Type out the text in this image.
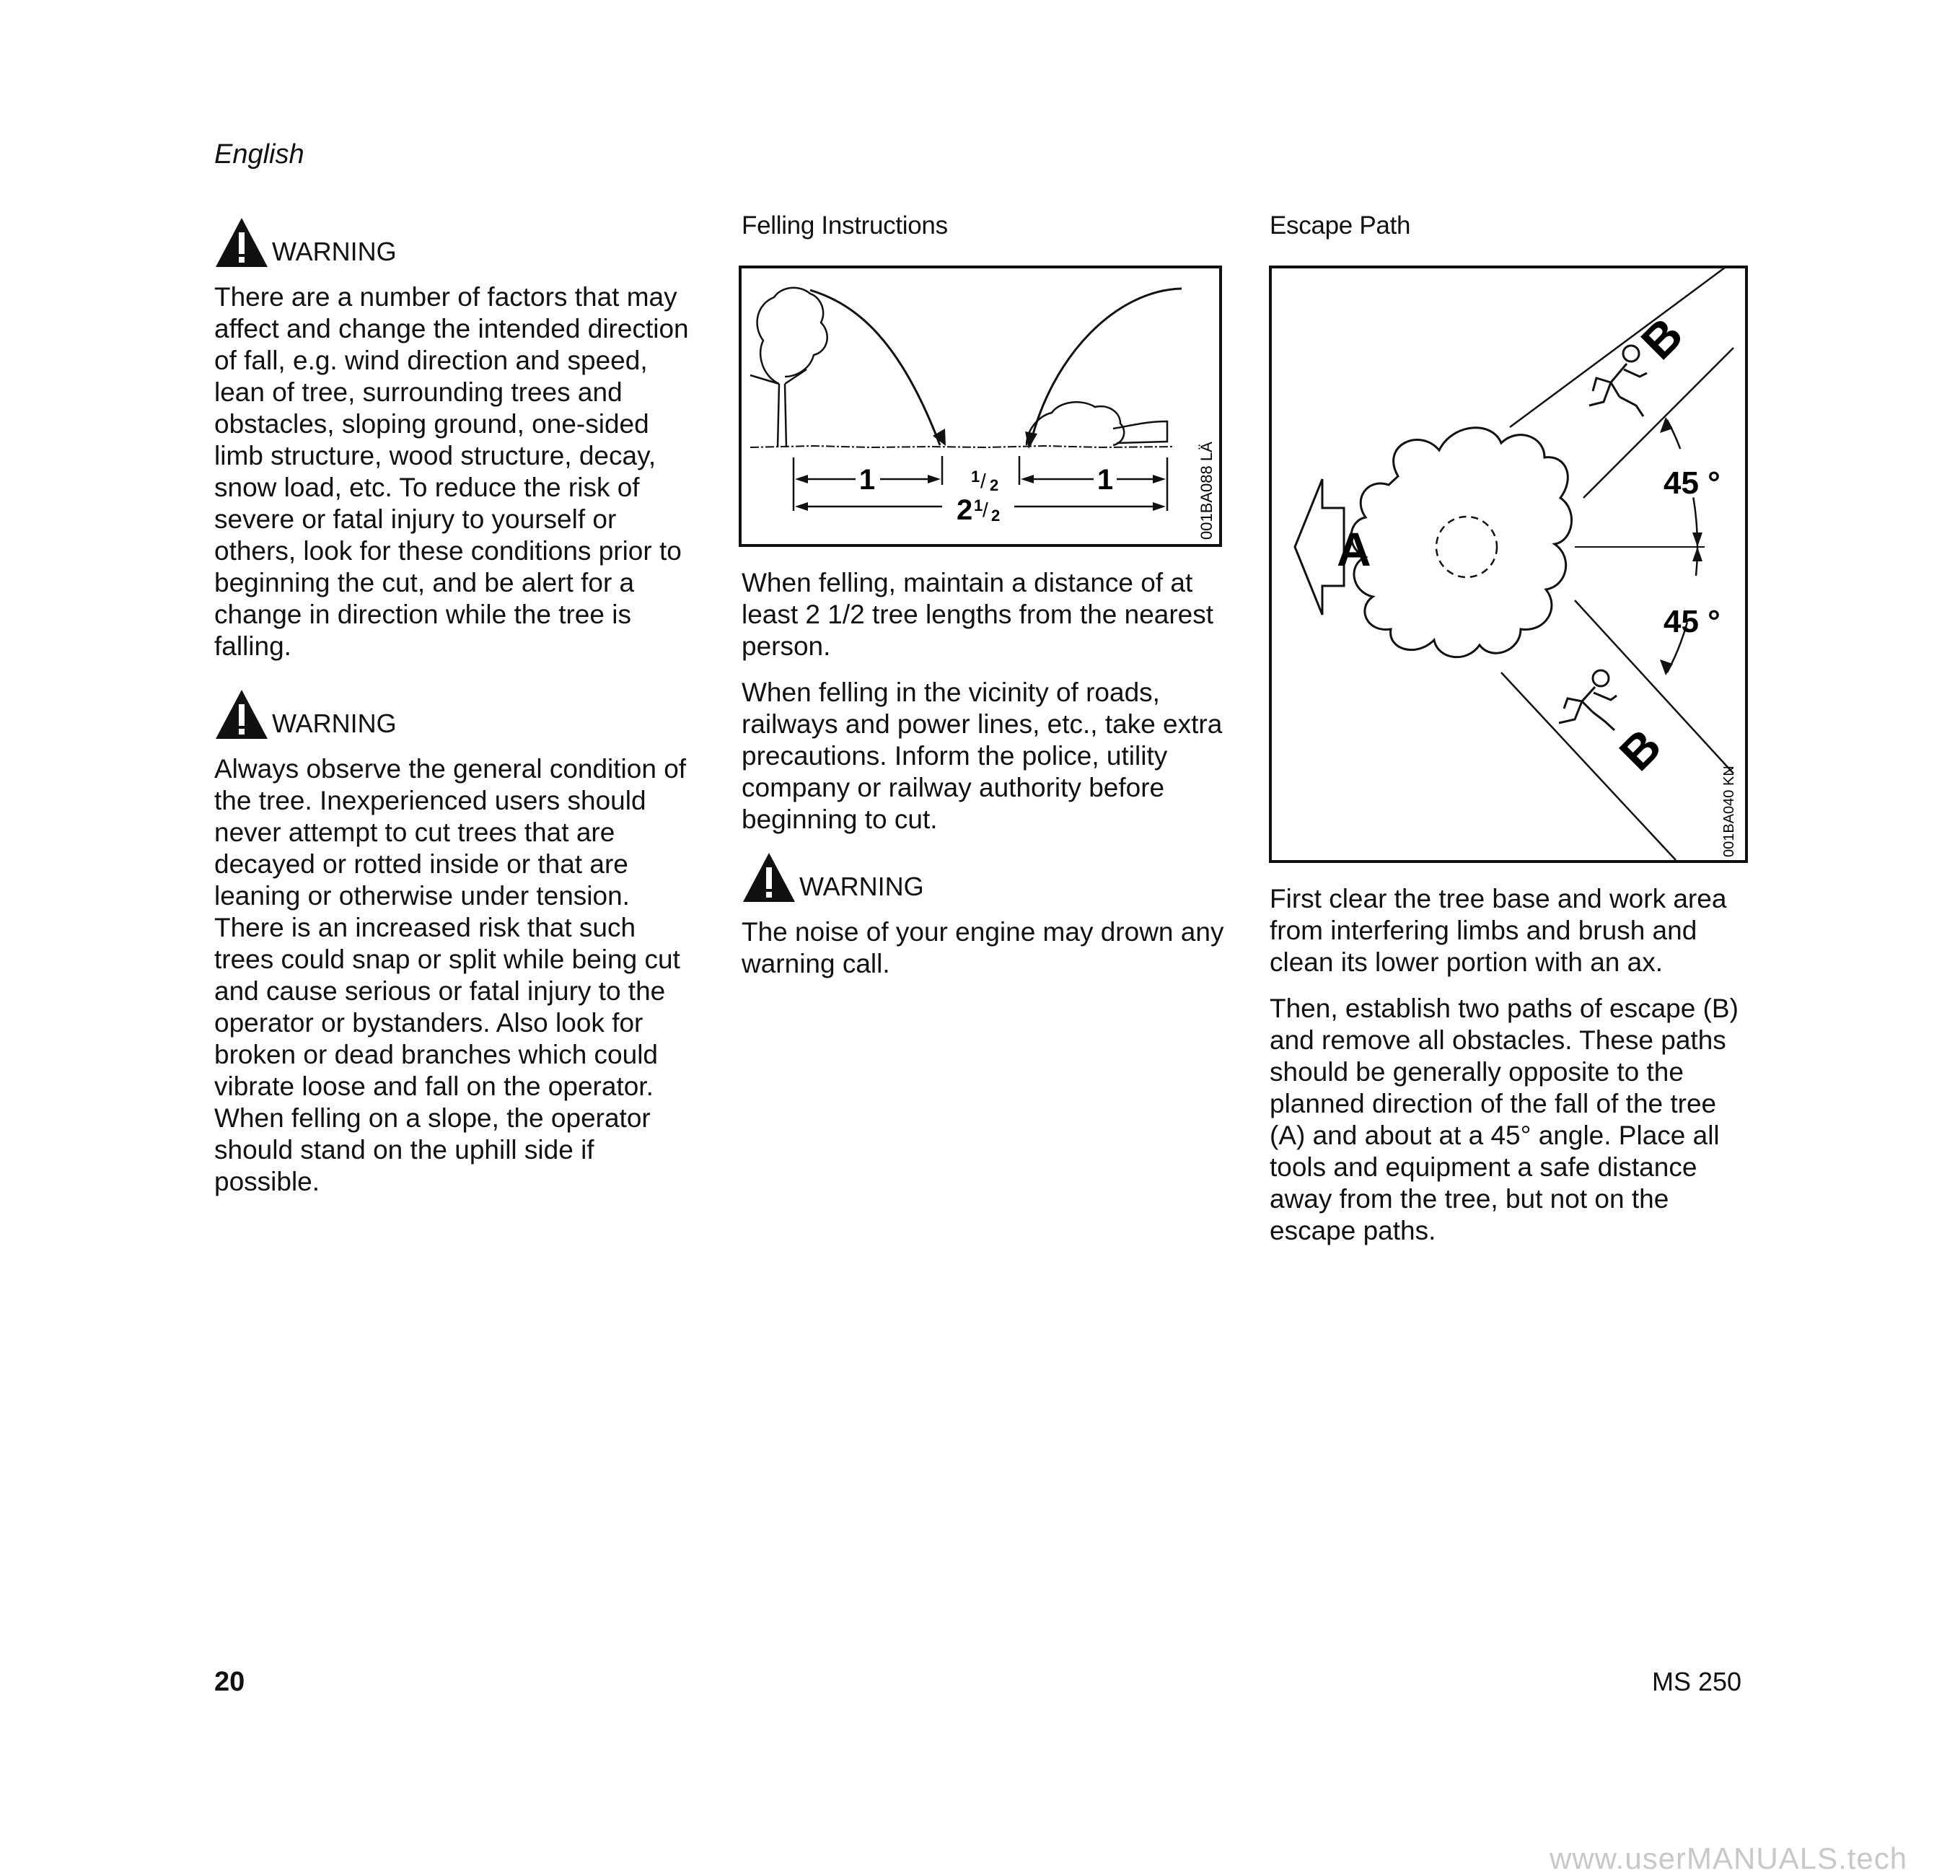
English
WARNING

There are a number of factors that may
affect and change the intended direction
of fall, e.g. wind direction and speed,
lean of tree, surrounding trees and
obstacles, sloping ground, one-sided
limb structure, wood structure, decay,
snow load, etc. To reduce the risk of
severe or fatal injury to yourself or
others, look for these conditions prior to
beginning the cut, and be alert for a
change in direction while the tree is
falling.

WARNING

Always observe the general condition of
the tree. Inexperienced users should
never attempt to cut trees that are
decayed or rotted inside or that are
leaning or otherwise under tension.
There is an increased risk that such
trees could snap or split while being cut
and cause serious or fatal injury to the
operator or bystanders. Also look for
broken or dead branches which could
vibrate loose and fall on the operator.
When felling on a slope, the operator
should stand on the uphill side if
possible.

Felling Instructions
1	1
1 / 2
2 1 / 2	001BA088 LÄ

When felling, maintain a distance of at
least 2 1/2 tree lengths from the nearest
person.

When felling in the vicinity of roads,
railways and power lines, etc., take extra
precautions. Inform the police, utility
company or railway authority before
beginning to cut.

WARNING

The noise of your engine may drown any
warning call.

Escape Path
A
B
B
45 °
45 °
001BA040 KN

First clear the tree base and work area
from interfering limbs and brush and
clean its lower portion with an ax.

Then, establish two paths of escape (B)
and remove all obstacles. These paths
should be generally opposite to the
planned direction of the fall of the tree
(A) and about at a 45° angle. Place all
tools and equipment a safe distance
away from the tree, but not on the
escape paths.

20	MS 250
www.userMANUALS.tech
